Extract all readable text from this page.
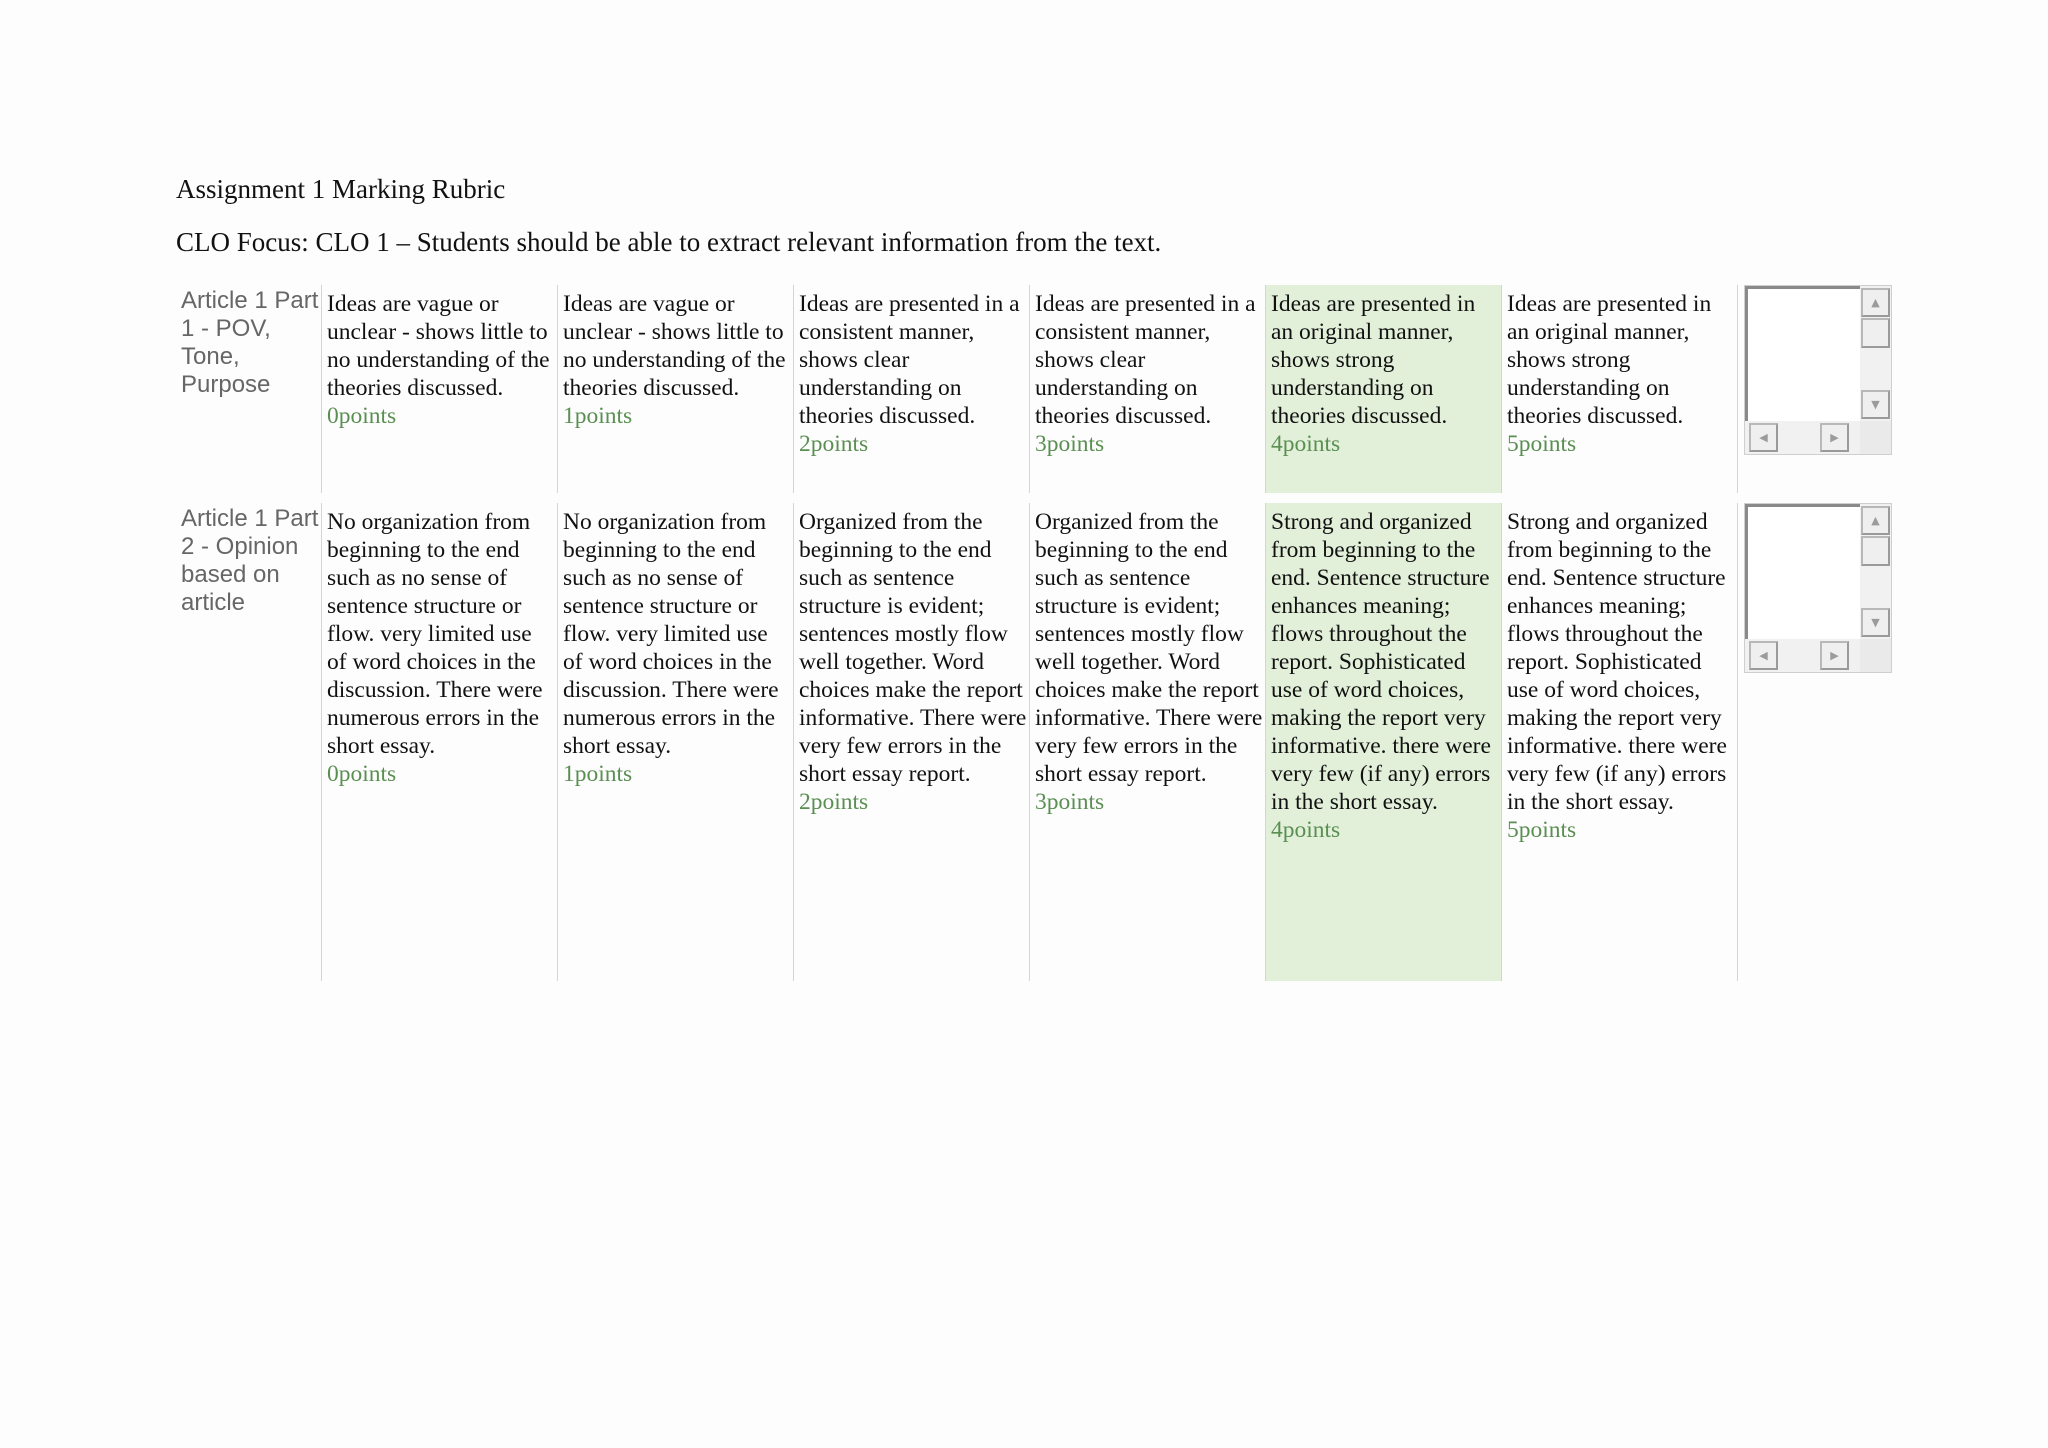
Assignment 1 Marking Rubric
CLO Focus: CLO 1 – Students should be able to extract relevant information from the text.
Article 1 Part 1 - POV, Tone, Purpose
Ideas are vague or unclear - shows little to no understanding of the theories discussed.
0points
Ideas are vague or unclear - shows little to no understanding of the theories discussed.
1points
Ideas are presented in a consistent manner, shows clear understanding on theories discussed.
2points
Ideas are presented in a consistent manner, shows clear understanding on theories discussed.
3points
Ideas are presented in an original manner, shows strong understanding on theories discussed.
4points
Ideas are presented in an original manner, shows strong understanding on theories discussed.
5points
▲
▼
◀	▶
Article 1 Part 2 - Opinion based on article
No organization from beginning to the end such as no sense of sentence structure or flow. very limited use of word choices in the discussion. There were numerous errors in the short essay.
0points
No organization from beginning to the end such as no sense of sentence structure or flow. very limited use of word choices in the discussion. There were numerous errors in the short essay.
1points
Organized from the beginning to the end such as sentence structure is evident; sentences mostly flow well together. Word choices make the report informative. There were very few errors in the short essay report.
2points
Organized from the beginning to the end such as sentence structure is evident; sentences mostly flow well together. Word choices make the report informative. There were very few errors in the short essay report.
3points
Strong and organized from beginning to the end. Sentence structure enhances meaning; flows throughout the report. Sophisticated use of word choices, making the report very informative. there were very few (if any) errors in the short essay.
4points
Strong and organized from beginning to the end. Sentence structure enhances meaning; flows throughout the report. Sophisticated use of word choices, making the report very informative. there were very few (if any) errors in the short essay.
5points
▲
▼
◀	▶
